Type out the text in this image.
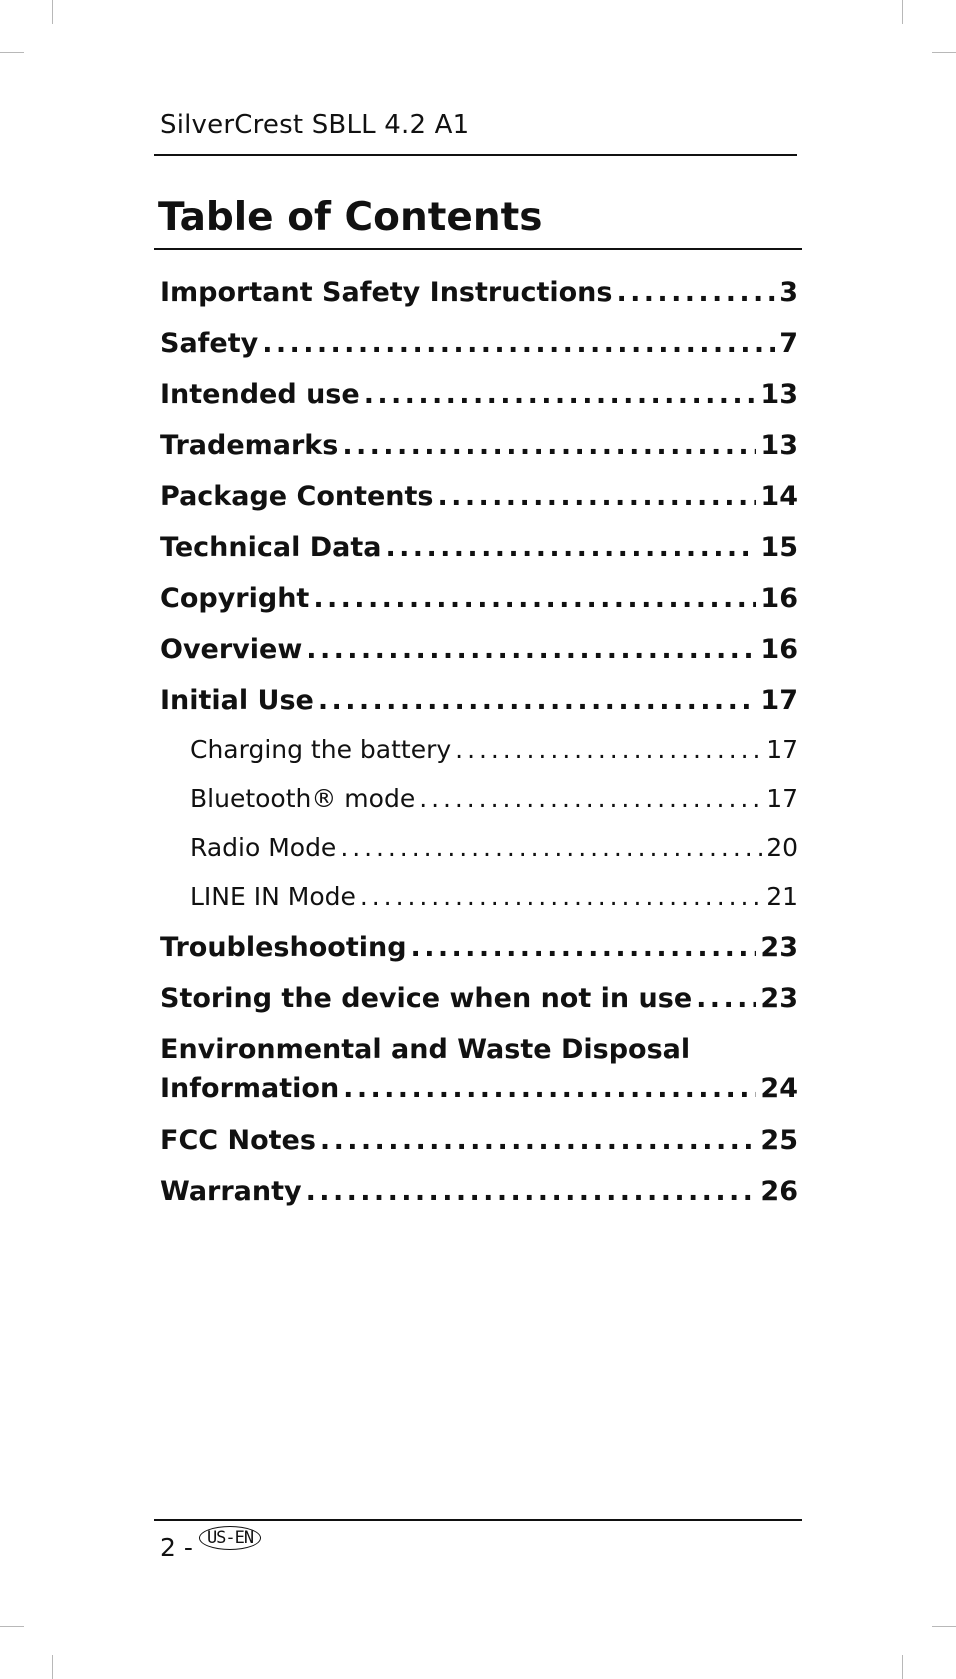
SilverCrest SBLL 4.2 A1
Table of Contents
Important Safety Instructions . . .	3
Safety . . .	7
Intended use . . .	13
Trademarks . . .	13
Package Contents . . .	14
Technical Data . . .	15
Copyright . . .	16
Overview . . .	16
Initial Use . . .	17
Charging the battery . . .	17
Bluetooth® mode . . .	17
Radio Mode . . .	20
LINE IN Mode . . .	21
Troubleshooting . . .	23
Storing the device when not in use . . .	23
Environmental and Waste Disposal
Information . . .	24
FCC Notes . . .	25
Warranty . . .	26
2 - US-EN
